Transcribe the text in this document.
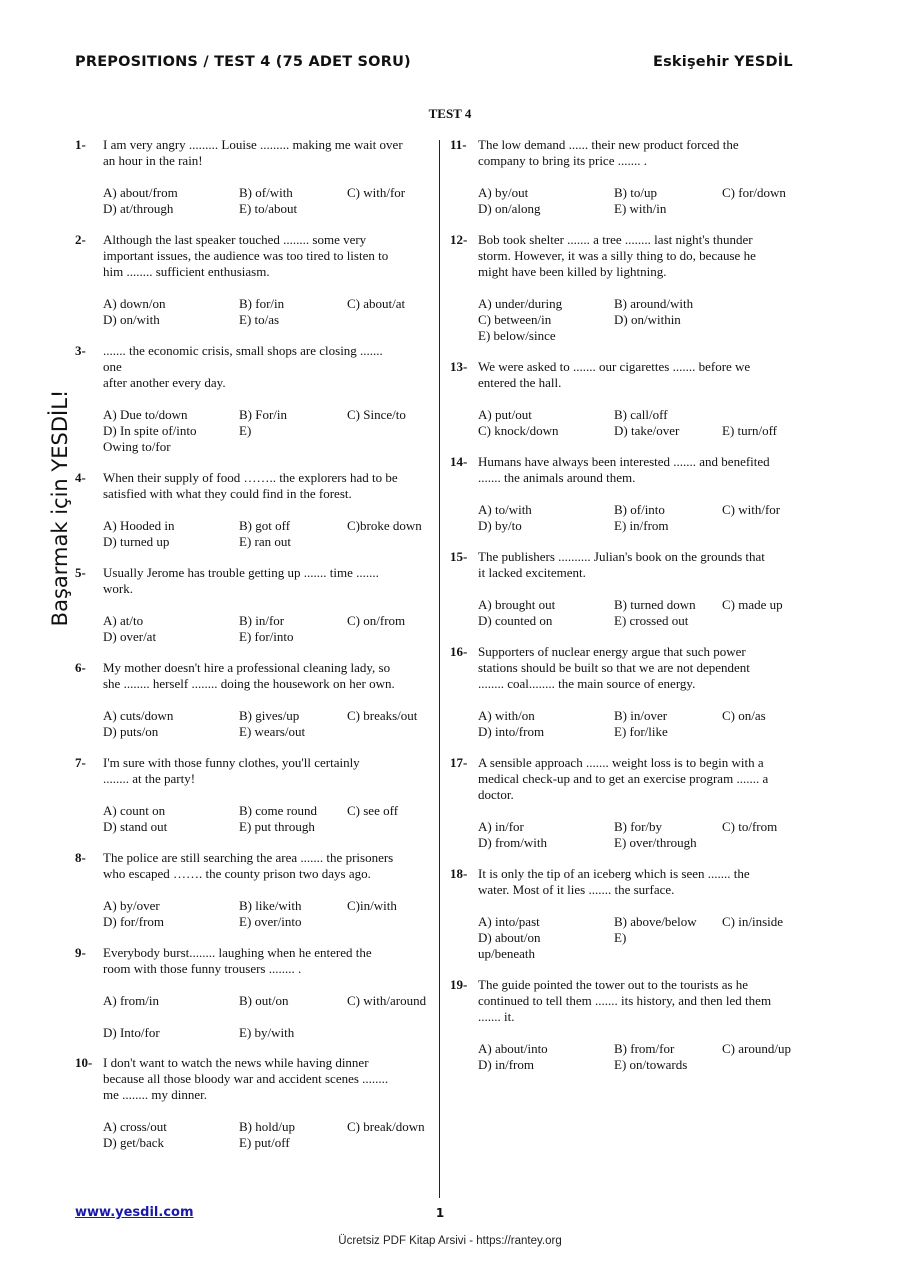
PREPOSITIONS / TEST 4 (75 ADET SORU)	Eskişehir YESDİL
TEST 4
Başarmak için YESDİL!
1- I am very angry ......... Louise ......... making me wait over
an hour in the rain!
A) about/from	B) of/with	C) with/for
D) at/through	E) to/about
2- Although the last speaker touched ........ some very
important issues, the audience was too tired to listen to
him ........ sufficient enthusiasm.
A) down/on	B) for/in	C) about/at
D) on/with	E) to/as
3- ....... the economic crisis, small shops are closing .......
one
after another every day.
A) Due to/down	B) For/in	C) Since/to
D) In spite of/into	E)
Owing to/for
4- When their supply of food …….. the explorers had to be
satisfied with what they could find in the forest.
A) Hooded in	B) got off	C)broke down
D) turned up	E) ran out
5- Usually Jerome has trouble getting up ....... time .......
work.
A) at/to	B) in/for	C) on/from
D) over/at	E) for/into
6- My mother doesn't hire a professional cleaning lady, so
she ........ herself ........ doing the housework on her own.
A) cuts/down	B) gives/up	C) breaks/out
D) puts/on	E) wears/out
7- I'm sure with those funny clothes, you'll certainly
........ at the party!
A) count on	B) come round	C) see off
D) stand out	E) put through
8- The police are still searching the area ....... the prisoners
who escaped ……. the county prison two days ago.
A) by/over	B) like/with	C)in/with
D) for/from	E) over/into
9- Everybody burst........ laughing when he entered the
room with those funny trousers ........ .
A) from/in	B) out/on	C) with/around
D) Into/for	E) by/with
10- I don't want to watch the news while having dinner
because all those bloody war and accident scenes ........
me ........ my dinner.
A) cross/out	B) hold/up	C) break/down
D) get/back	E) put/off
11- The low demand ...... their new product forced the
company to bring its price ....... .
A) by/out	B) to/up	C) for/down
D) on/along	E) with/in
12- Bob took shelter ....... a tree ........ last night's thunder
storm. However, it was a silly thing to do, because he
might have been killed by lightning.
A) under/during	B) around/with
C) between/in	D) on/within
E) below/since
13- We were asked to ....... our cigarettes ....... before we
entered the hall.
A) put/out	B) call/off
C) knock/down	D) take/over	E) turn/off
14- Humans have always been interested ....... and benefited
....... the animals around them.
A) to/with	B) of/into	C) with/for
D) by/to	E) in/from
15- The publishers .......... Julian's book on the grounds that
it lacked excitement.
A) brought out	B) turned down	C) made up
D) counted on	E) crossed out
16- Supporters of nuclear energy argue that such power
stations should be built so that we are not dependent
........ coal........ the main source of energy.
A) with/on	B) in/over	C) on/as
D) into/from	E) for/like
17- A sensible approach ....... weight loss is to begin with a
medical check-up and to get an exercise program ....... a
doctor.
A) in/for	B) for/by	C) to/from
D) from/with	E) over/through
18- It is only the tip of an iceberg which is seen ....... the
water. Most of it lies ....... the surface.
A) into/past	B) above/below	C) in/inside
D) about/on	E)
up/beneath
19- The guide pointed the tower out to the tourists as he
continued to tell them ....... its history, and then led them
....... it.
A) about/into	B) from/for	C) around/up
D) in/from	E) on/towards
www.yesdil.com	1
Ücretsiz PDF Kitap Arsivi - https://rantey.org
